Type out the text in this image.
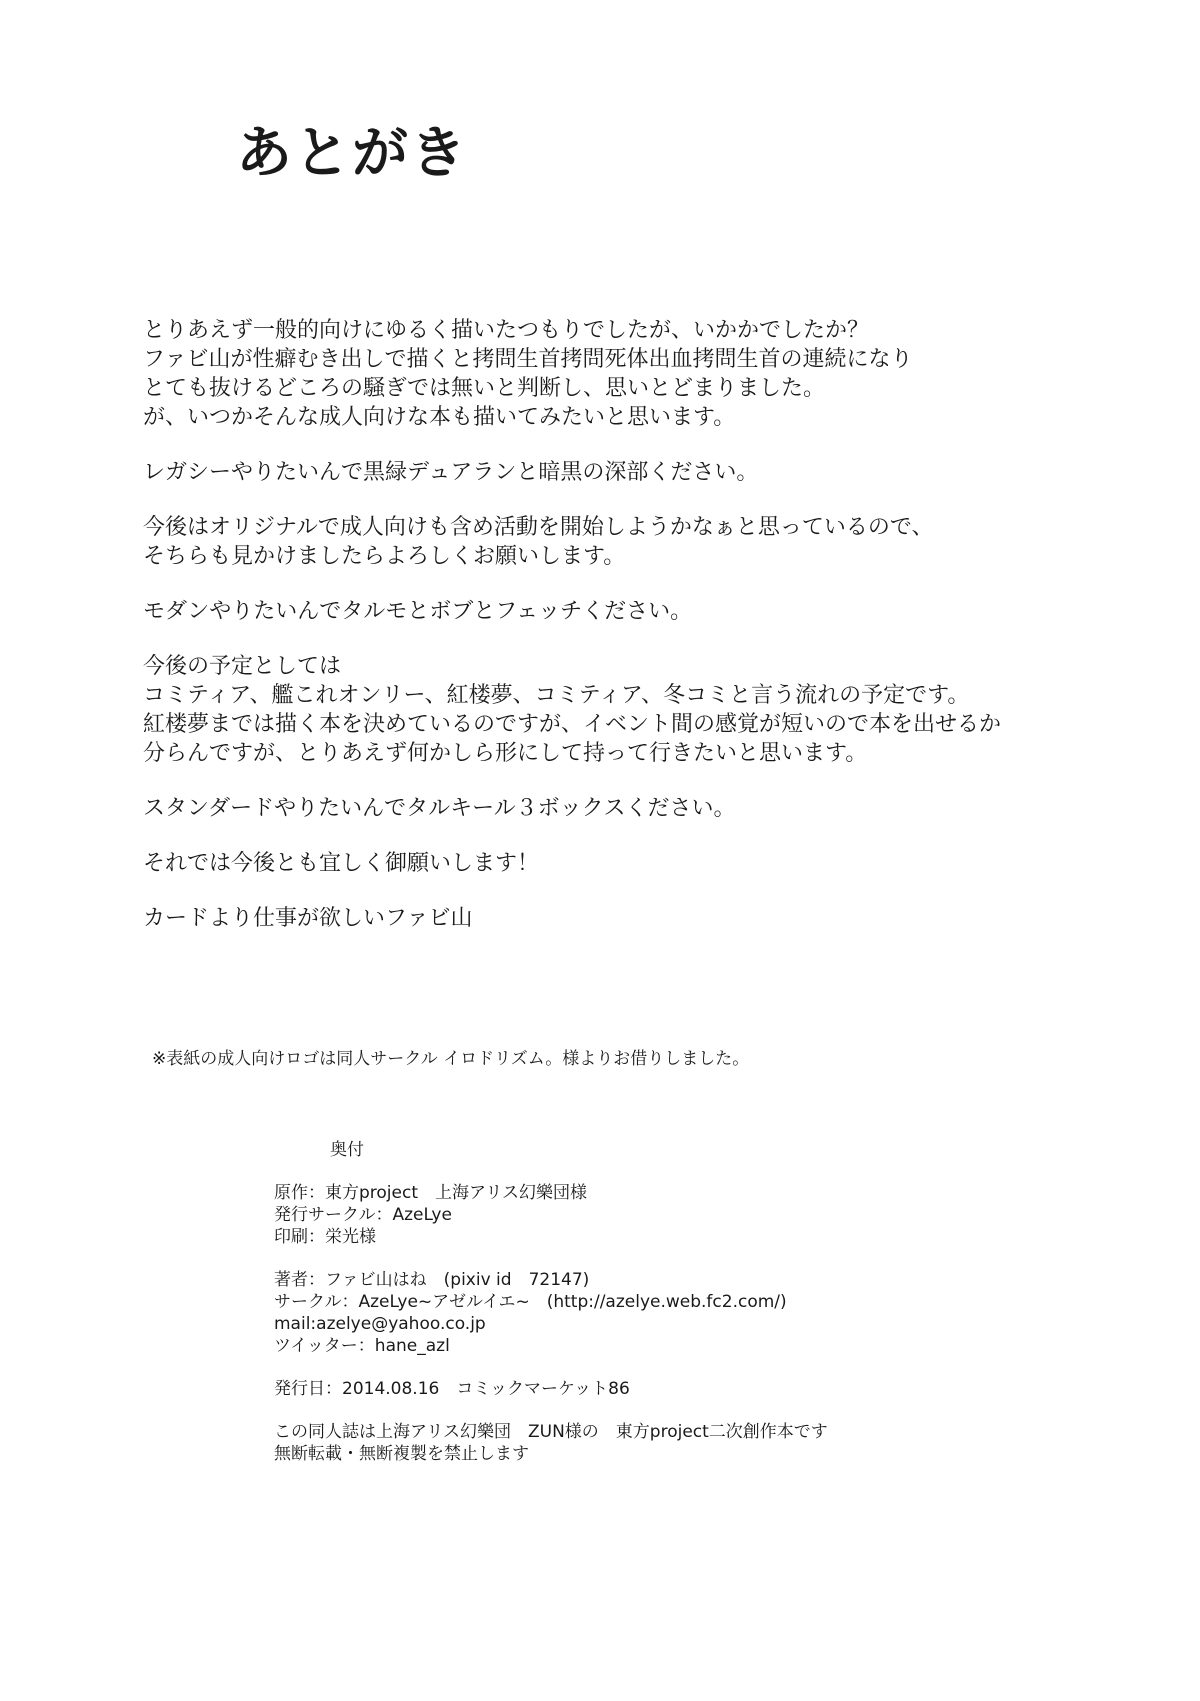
あとがき

とりあえず一般的向けにゆるく描いたつもりでしたが、いかかでしたか？
ファビ山が性癖むき出しで描くと拷問生首拷問死体出血拷問生首の連続になり
とても抜けるどころの騒ぎでは無いと判断し、思いとどまりました。
が、いつかそんな成人向けな本も描いてみたいと思います。

レガシーやりたいんで黒緑デュアランと暗黒の深部ください。

今後はオリジナルで成人向けも含め活動を開始しようかなぁと思っているので、
そちらも見かけましたらよろしくお願いします。

モダンやりたいんでタルモとボブとフェッチください。

今後の予定としては
コミティア、艦これオンリー、紅楼夢、コミティア、冬コミと言う流れの予定です。
紅楼夢までは描く本を決めているのですが、イベント間の感覚が短いので本を出せるか
分らんですが、とりあえず何かしら形にして持って行きたいと思います。

スタンダードやりたいんでタルキール３ボックスください。

それでは今後とも宜しく御願いします！

カードより仕事が欲しいファビ山

※表紙の成人向けロゴは同人サークル イロドリズム。様よりお借りしました。
奥付
原作：東方project　上海アリス幻樂団様
発行サークル：AzeLye
印刷：栄光様
著者：ファビ山はね　(pixiv id　72147)
サークル：AzeLye~アゼルイエ~　(http://azelye.web.fc2.com/)
mail:azelye@yahoo.co.jp
ツイッター：hane_azl
発行日：2014.08.16　コミックマーケット86
この同人誌は上海アリス幻樂団　ZUN様の　東方project二次創作本です
無断転載・無断複製を禁止します
